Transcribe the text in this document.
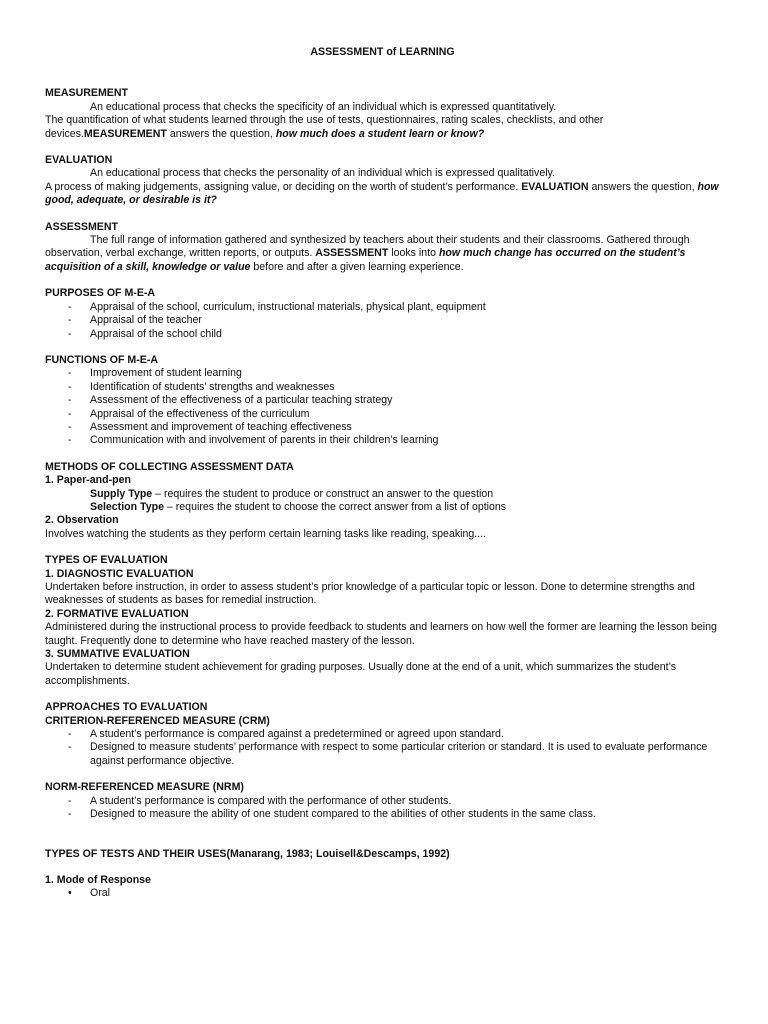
ASSESSMENT of LEARNING
MEASUREMENT
An educational process that checks the specificity of an individual which is expressed quantitatively.
The quantification of what students learned through the use of tests, questionnaires, rating scales, checklists, and other devices.MEASUREMENT answers the question, how much does a student learn or know?
EVALUATION
An educational process that checks the personality of an individual which is expressed qualitatively.
A process of making judgements, assigning value, or deciding on the worth of student’s performance. EVALUATION answers the question, how good, adequate, or desirable is it?
ASSESSMENT
The full range of information gathered and synthesized by teachers about their students and their classrooms. Gathered through observation, verbal exchange, written reports, or outputs. ASSESSMENT looks into how much change has occurred on the student’s acquisition of a skill, knowledge or value before and after a given learning experience.
PURPOSES OF M-E-A
- Appraisal of the school, curriculum, instructional materials, physical plant, equipment
- Appraisal of the teacher
- Appraisal of the school child
FUNCTIONS OF M-E-A
- Improvement of student learning
- Identification of students’ strengths and weaknesses
- Assessment of the effectiveness of a particular teaching strategy
- Appraisal of the effectiveness of the curriculum
- Assessment and improvement of teaching effectiveness
- Communication with and involvement of parents in their children’s learning
METHODS OF COLLECTING ASSESSMENT DATA
1. Paper-and-pen
Supply Type – requires the student to produce or construct an answer to the question
Selection Type – requires the student to choose the correct answer from a list of options
2. Observation
Involves watching the students as they perform certain learning tasks like reading, speaking....
TYPES OF EVALUATION
1. DIAGNOSTIC EVALUATION
Undertaken before instruction, in order to assess student’s prior knowledge of a particular topic or lesson. Done to determine strengths and weaknesses of students as bases for remedial instruction.
2. FORMATIVE EVALUATION
Administered during the instructional process to provide feedback to students and learners on how well the former are learning the lesson being taught. Frequently done to determine who have reached mastery of the lesson.
3. SUMMATIVE EVALUATION
Undertaken to determine student achievement for grading purposes. Usually done at the end of a unit, which summarizes the student’s accomplishments.
APPROACHES TO EVALUATION
CRITERION-REFERENCED MEASURE (CRM)
- A student’s performance is compared against a predetermined or agreed upon standard.
- Designed to measure students’ performance with respect to some particular criterion or standard. It is used to evaluate performance against performance objective.
NORM-REFERENCED MEASURE (NRM)
- A student’s performance is compared with the performance of other students.
- Designed to measure the ability of one student compared to the abilities of other students in the same class.
TYPES OF TESTS AND THEIR USES(Manarang, 1983; Louisell&Descamps, 1992)
1. Mode of Response
• Oral
